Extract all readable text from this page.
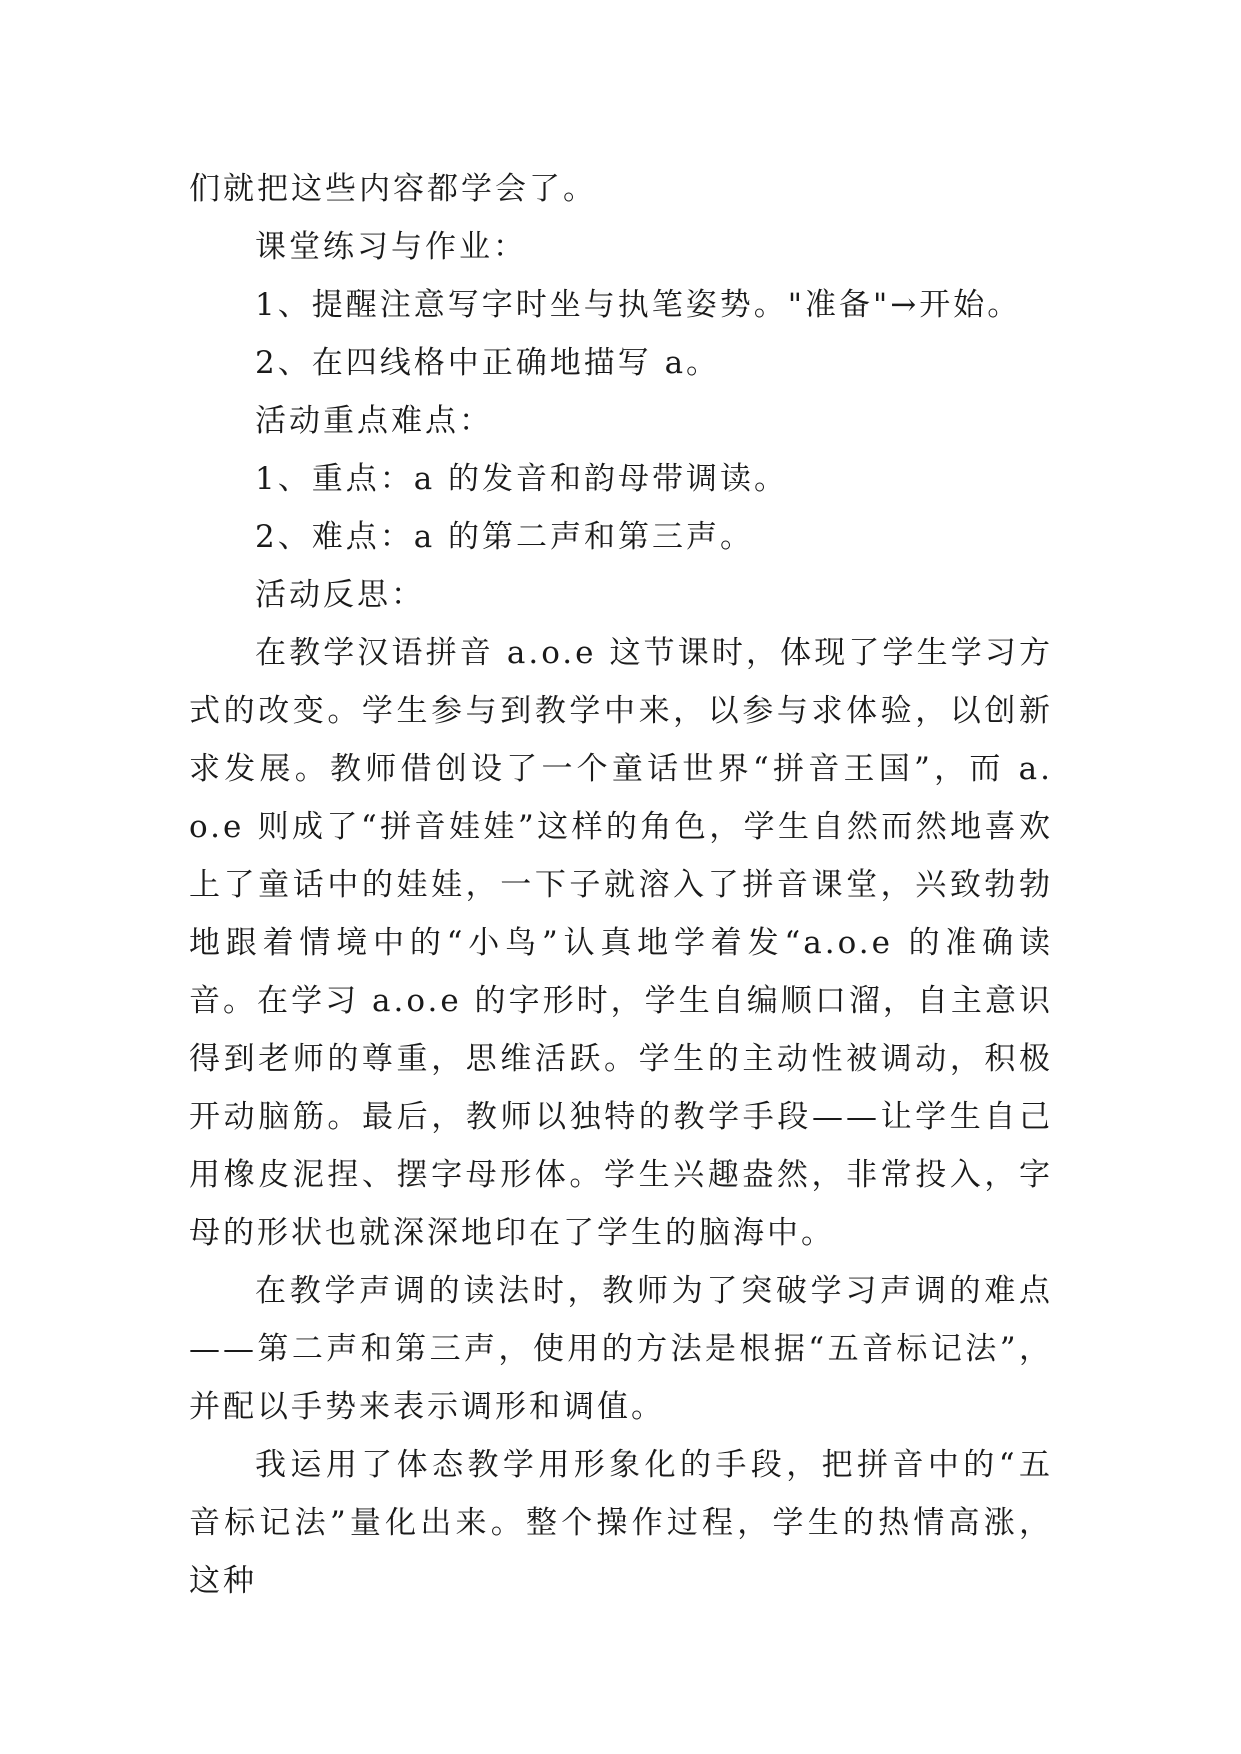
们就把这些内容都学会了。

课堂练习与作业：

1、提醒注意写字时坐与执笔姿势。"准备"→开始。

2、在四线格中正确地描写 a。

活动重点难点：

1、重点：a 的发音和韵母带调读。

2、难点：a 的第二声和第三声。

活动反思：

在教学汉语拼音 a.o.e 这节课时，体现了学生学习方式的改变。学生参与到教学中来，以参与求体验，以创新求发展。教师借创设了一个童话世界“拼音王国”，而 a.o.e 则成了“拼音娃娃”这样的角色，学生自然而然地喜欢上了童话中的娃娃，一下子就溶入了拼音课堂，兴致勃勃地跟着情境中的“小鸟”认真地学着发“a.o.e 的准确读音。在学习 a.o.e 的字形时，学生自编顺口溜，自主意识得到老师的尊重，思维活跃。学生的主动性被调动，积极开动脑筋。最后，教师以独特的教学手段——让学生自己用橡皮泥捏、摆字母形体。学生兴趣盎然，非常投入，字母的形状也就深深地印在了学生的脑海中。

在教学声调的读法时，教师为了突破学习声调的难点——第二声和第三声，使用的方法是根据“五音标记法”，并配以手势来表示调形和调值。

我运用了体态教学用形象化的手段，把拼音中的“五音标记法”量化出来。整个操作过程，学生的热情高涨，这种
